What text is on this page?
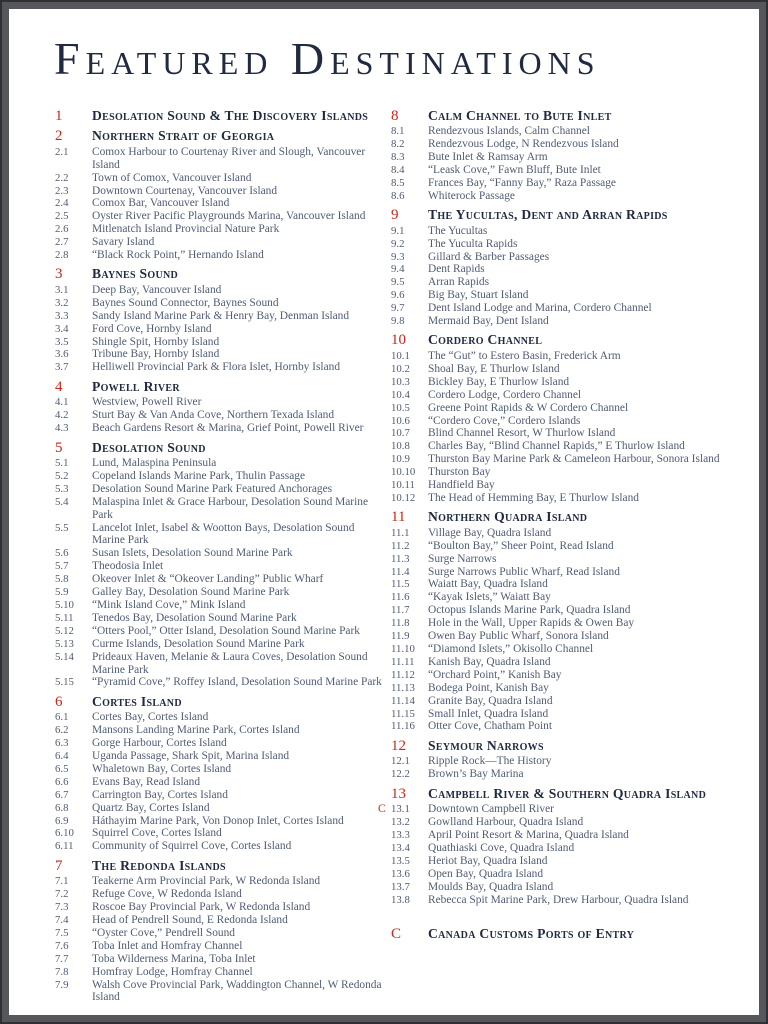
Featured Destinations
1	Desolation Sound & The Discovery Islands
2	Northern Strait of Georgia
2.1	Comox Harbour to Courtenay River and Slough, Vancouver Island
2.2	Town of Comox, Vancouver Island
2.3	Downtown Courtenay, Vancouver Island
2.4	Comox Bar, Vancouver Island
2.5	Oyster River Pacific Playgrounds Marina, Vancouver Island
2.6	Mitlenatch Island Provincial Nature Park
2.7	Savary Island
2.8	“Black Rock Point,” Hernando Island
3	Baynes Sound
3.1	Deep Bay, Vancouver Island
3.2	Baynes Sound Connector, Baynes Sound
3.3	Sandy Island Marine Park & Henry Bay, Denman Island
3.4	Ford Cove, Hornby Island
3.5	Shingle Spit, Hornby Island
3.6	Tribune Bay, Hornby Island
3.7	Helliwell Provincial Park & Flora Islet, Hornby Island
4	Powell River
4.1	Westview, Powell River
4.2	Sturt Bay & Van Anda Cove, Northern Texada Island
4.3	Beach Gardens Resort & Marina, Grief Point, Powell River
5	Desolation Sound
5.1	Lund, Malaspina Peninsula
5.2	Copeland Islands Marine Park, Thulin Passage
5.3	Desolation Sound Marine Park Featured Anchorages
5.4	Malaspina Inlet & Grace Harbour, Desolation Sound Marine Park
5.5	Lancelot Inlet, Isabel & Wootton Bays, Desolation Sound Marine Park
5.6	Susan Islets, Desolation Sound Marine Park
5.7	Theodosia Inlet
5.8	Okeover Inlet & “Okeover Landing” Public Wharf
5.9	Galley Bay, Desolation Sound Marine Park
5.10	“Mink Island Cove,” Mink Island
5.11	Tenedos Bay, Desolation Sound Marine Park
5.12	“Otters Pool,” Otter Island, Desolation Sound Marine Park
5.13	Curme Islands, Desolation Sound Marine Park
5.14	Prideaux Haven, Melanie & Laura Coves, Desolation Sound Marine Park
5.15	“Pyramid Cove,” Roffey Island, Desolation Sound Marine Park
6	Cortes Island
6.1	Cortes Bay, Cortes Island
6.2	Mansons Landing Marine Park, Cortes Island
6.3	Gorge Harbour, Cortes Island
6.4	Uganda Passage, Shark Spit, Marina Island
6.5	Whaletown Bay, Cortes Island
6.6	Evans Bay, Read Island
6.7	Carrington Bay, Cortes Island
6.8	Quartz Bay, Cortes Island
6.9	Háthayim Marine Park, Von Donop Inlet, Cortes Island
6.10	Squirrel Cove, Cortes Island
6.11	Community of Squirrel Cove, Cortes Island
7	The Redonda Islands
7.1	Teakerne Arm Provincial Park, W Redonda Island
7.2	Refuge Cove, W Redonda Island
7.3	Roscoe Bay Provincial Park, W Redonda Island
7.4	Head of Pendrell Sound, E Redonda Island
7.5	“Oyster Cove,” Pendrell Sound
7.6	Toba Inlet and Homfray Channel
7.7	Toba Wilderness Marina, Toba Inlet
7.8	Homfray Lodge, Homfray Channel
7.9	Walsh Cove Provincial Park, Waddington Channel, W Redonda Island
8	Calm Channel to Bute Inlet
8.1	Rendezvous Islands, Calm Channel
8.2	Rendezvous Lodge, N Rendezvous Island
8.3	Bute Inlet & Ramsay Arm
8.4	“Leask Cove,” Fawn Bluff, Bute Inlet
8.5	Frances Bay, “Fanny Bay,” Raza Passage
8.6	Whiterock Passage
9	The Yucultas, Dent and Arran Rapids
9.1	The Yucultas
9.2	The Yuculta Rapids
9.3	Gillard & Barber Passages
9.4	Dent Rapids
9.5	Arran Rapids
9.6	Big Bay, Stuart Island
9.7	Dent Island Lodge and Marina, Cordero Channel
9.8	Mermaid Bay, Dent Island
10	Cordero Channel
10.1	The “Gut” to Estero Basin, Frederick Arm
10.2	Shoal Bay, E Thurlow Island
10.3	Bickley Bay, E Thurlow Island
10.4	Cordero Lodge, Cordero Channel
10.5	Greene Point Rapids & W Cordero Channel
10.6	“Cordero Cove,” Cordero Islands
10.7	Blind Channel Resort, W Thurlow Island
10.8	Charles Bay, “Blind Channel Rapids,” E Thurlow Island
10.9	Thurston Bay Marine Park & Cameleon Harbour, Sonora Island
10.10	Thurston Bay
10.11	Handfield Bay
10.12	The Head of Hemming Bay, E Thurlow Island
11	Northern Quadra Island
11.1	Village Bay, Quadra Island
11.2	“Boulton Bay,” Sheer Point, Read Island
11.3	Surge Narrows
11.4	Surge Narrows Public Wharf, Read Island
11.5	Waiatt Bay, Quadra Island
11.6	“Kayak Islets,” Waiatt Bay
11.7	Octopus Islands Marine Park, Quadra Island
11.8	Hole in the Wall, Upper Rapids & Owen Bay
11.9	Owen Bay Public Wharf, Sonora Island
11.10	“Diamond Islets,” Okisollo Channel
11.11	Kanish Bay, Quadra Island
11.12	“Orchard Point,” Kanish Bay
11.13	Bodega Point, Kanish Bay
11.14	Granite Bay, Quadra Island
11.15	Small Inlet, Quadra Island
11.16	Otter Cove, Chatham Point
12	Seymour Narrows
12.1	Ripple Rock—The History
12.2	Brown’s Bay Marina
13	Campbell River & Southern Quadra Island
C 13.1	Downtown Campbell River
13.2	Gowlland Harbour, Quadra Island
13.3	April Point Resort & Marina, Quadra Island
13.4	Quathiaski Cove, Quadra Island
13.5	Heriot Bay, Quadra Island
13.6	Open Bay, Quadra Island
13.7	Moulds Bay, Quadra Island
13.8	Rebecca Spit Marine Park, Drew Harbour, Quadra Island
C	Canada Customs Ports of Entry
